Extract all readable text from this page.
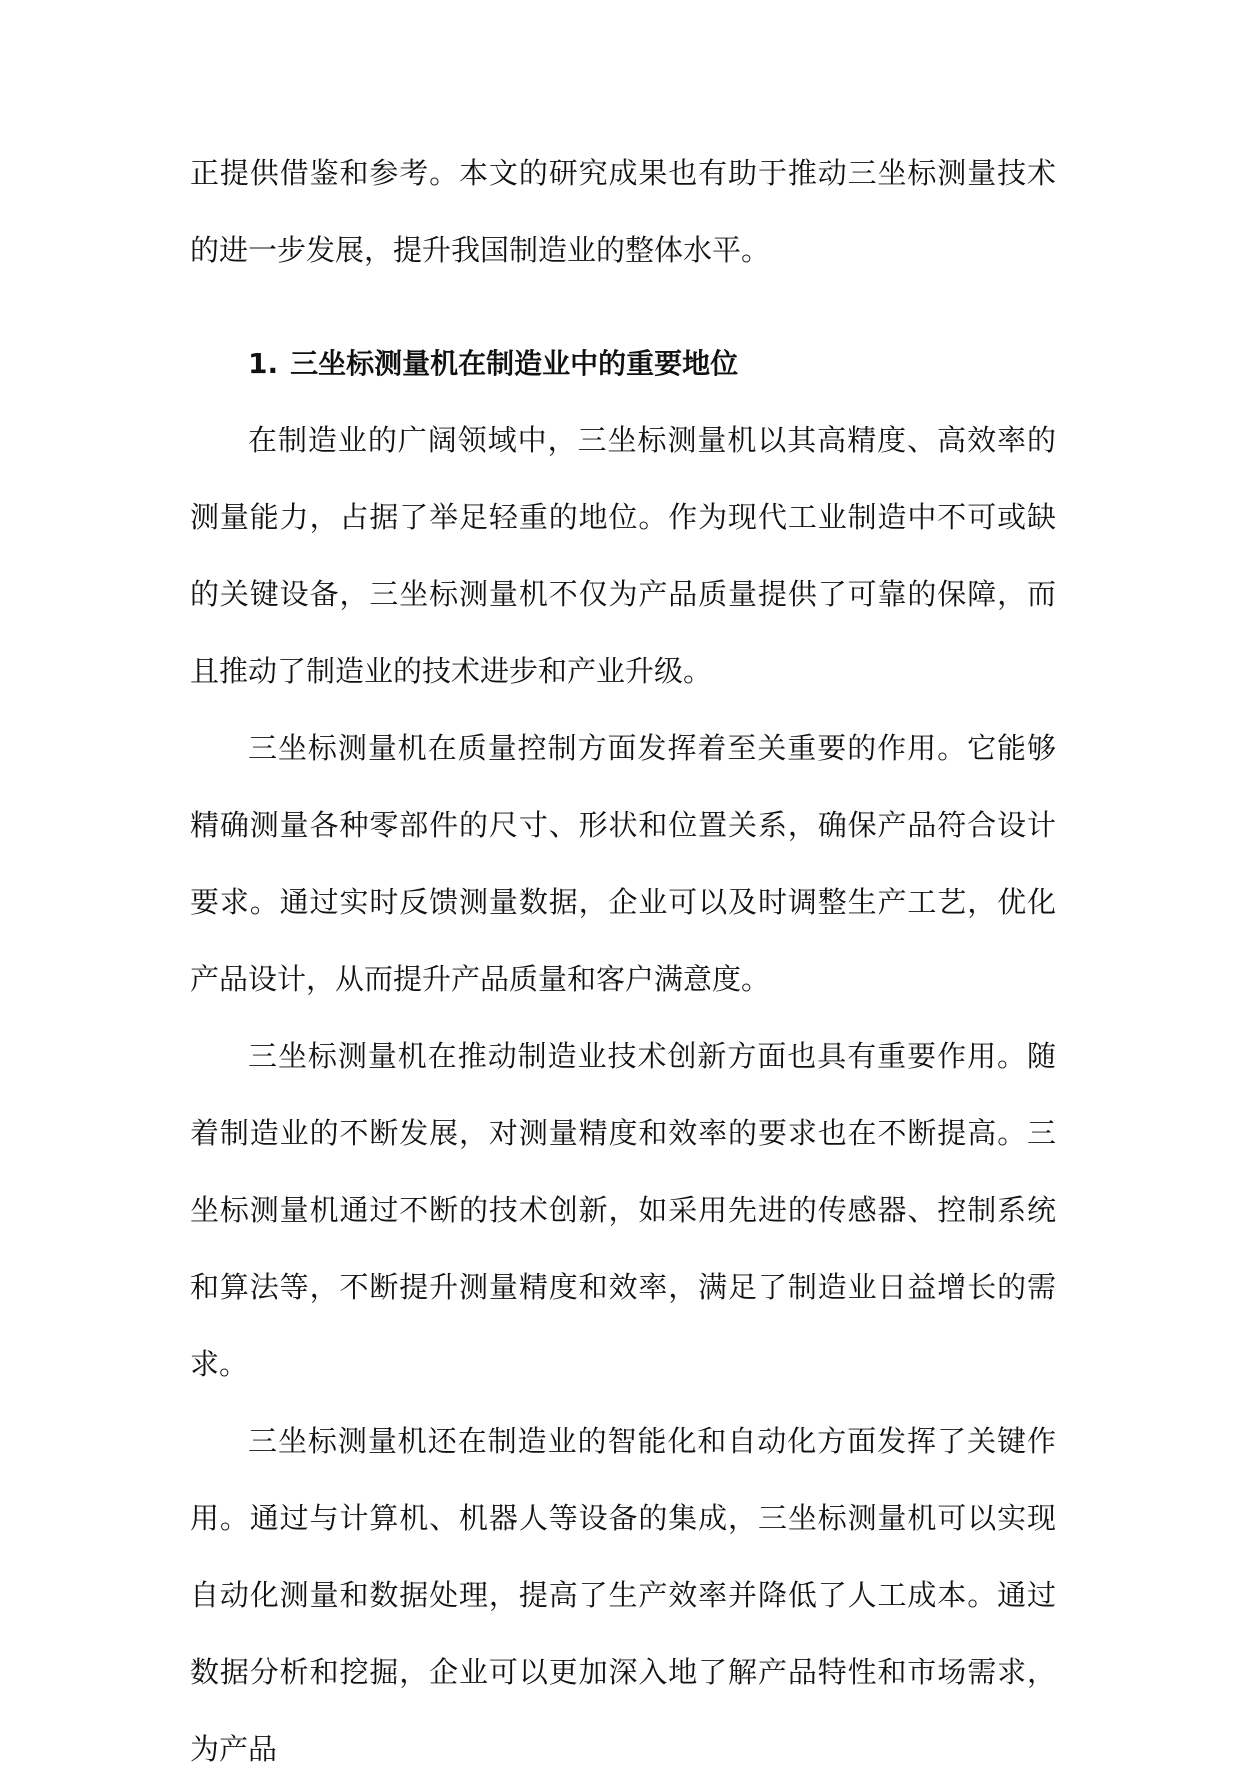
正提供借鉴和参考。本文的研究成果也有助于推动三坐标测量技术的进一步发展，提升我国制造业的整体水平。

1. 三坐标测量机在制造业中的重要地位

在制造业的广阔领域中，三坐标测量机以其高精度、高效率的测量能力，占据了举足轻重的地位。作为现代工业制造中不可或缺的关键设备，三坐标测量机不仅为产品质量提供了可靠的保障，而且推动了制造业的技术进步和产业升级。

三坐标测量机在质量控制方面发挥着至关重要的作用。它能够精确测量各种零部件的尺寸、形状和位置关系，确保产品符合设计要求。通过实时反馈测量数据，企业可以及时调整生产工艺，优化产品设计，从而提升产品质量和客户满意度。

三坐标测量机在推动制造业技术创新方面也具有重要作用。随着制造业的不断发展，对测量精度和效率的要求也在不断提高。三坐标测量机通过不断的技术创新，如采用先进的传感器、控制系统和算法等，不断提升测量精度和效率，满足了制造业日益增长的需求。

三坐标测量机还在制造业的智能化和自动化方面发挥了关键作用。通过与计算机、机器人等设备的集成，三坐标测量机可以实现自动化测量和数据处理，提高了生产效率并降低了人工成本。通过数据分析和挖掘，企业可以更加深入地了解产品特性和市场需求，为产品
